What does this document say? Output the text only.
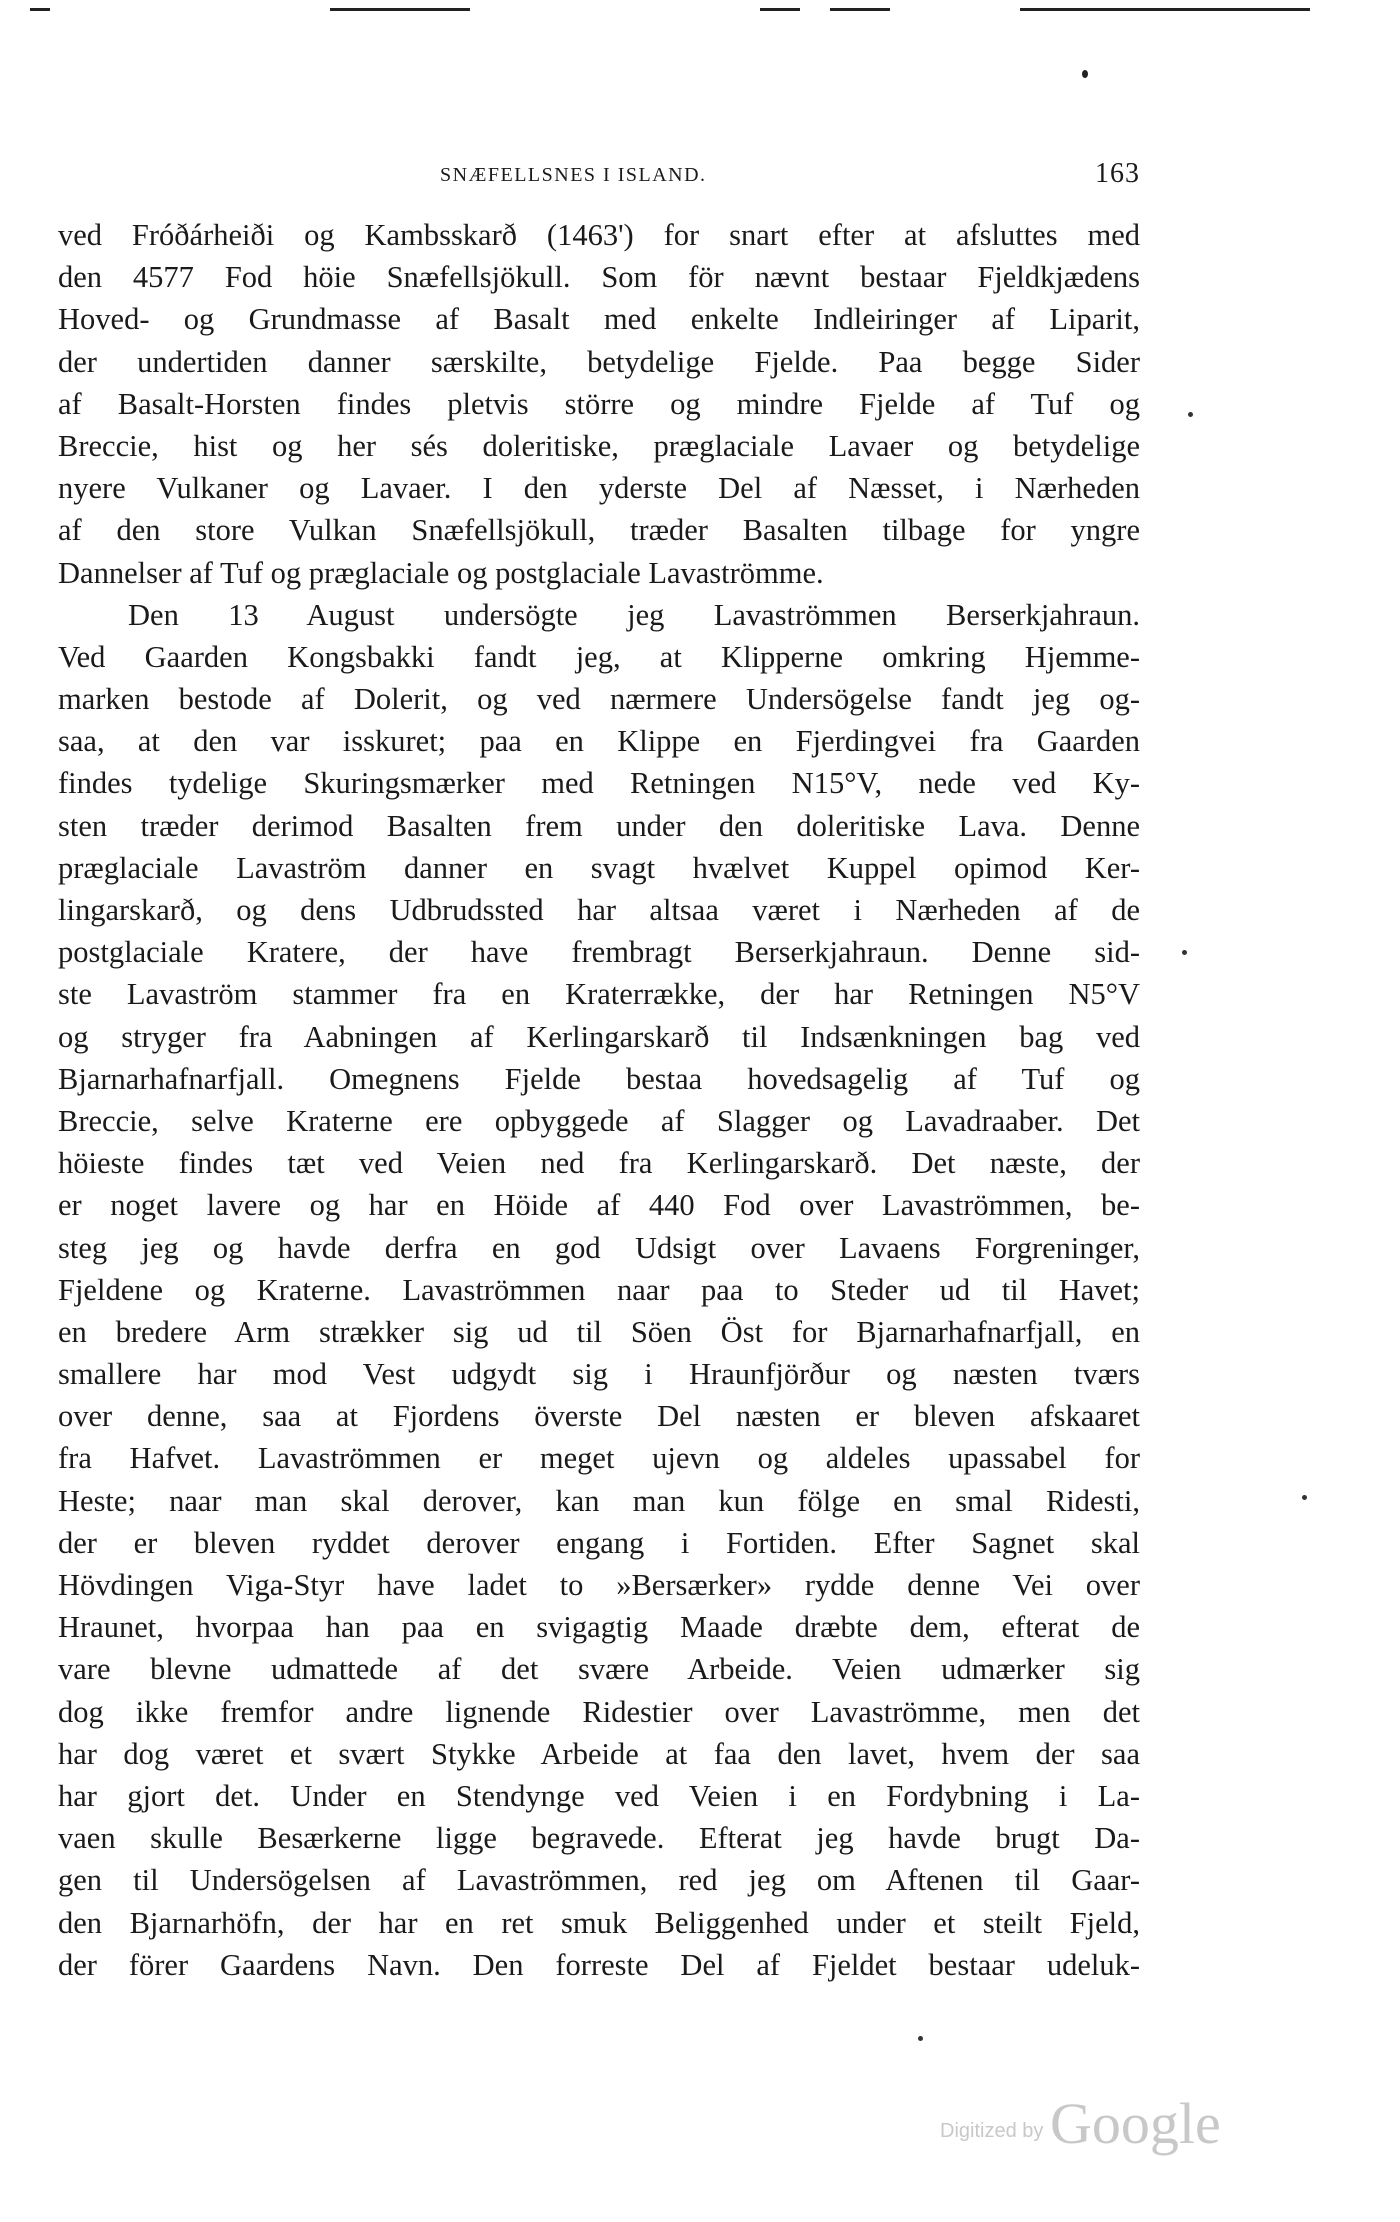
SNÆFELLSNES I ISLAND.	163
ved Fróðárheiði og Kambsskarð (1463') for snart efter at afsluttes med
den 4577 Fod höie Snæfellsjökull. Som för nævnt bestaar Fjeldkjædens
Hoved- og Grundmasse af Basalt med enkelte Indleiringer af Liparit,
der undertiden danner særskilte, betydelige Fjelde. Paa begge Sider
af Basalt-Horsten findes pletvis större og mindre Fjelde af Tuf og
Breccie, hist og her sés doleritiske, præglaciale Lavaer og betydelige
nyere Vulkaner og Lavaer. I den yderste Del af Næsset, i Nærheden
af den store Vulkan Snæfellsjökull, træder Basalten tilbage for yngre
Dannelser af Tuf og præglaciale og postglaciale Lavaströmme.
Den 13 August undersögte jeg Lavaströmmen Berserkjahraun.
Ved Gaarden Kongsbakki fandt jeg, at Klipperne omkring Hjemme-
marken bestode af Dolerit, og ved nærmere Undersögelse fandt jeg og-
saa, at den var isskuret; paa en Klippe en Fjerdingvei fra Gaarden
findes tydelige Skuringsmærker med Retningen N15°V, nede ved Ky-
sten træder derimod Basalten frem under den doleritiske Lava. Denne
præglaciale Lavaström danner en svagt hvælvet Kuppel opimod Ker-
lingarskarð, og dens Udbrudssted har altsaa været i Nærheden af de
postglaciale Kratere, der have frembragt Berserkjahraun. Denne sid-
ste Lavaström stammer fra en Kraterrække, der har Retningen N5°V
og stryger fra Aabningen af Kerlingarskarð til Indsænkningen bag ved
Bjarnarhafnarfjall. Omegnens Fjelde bestaa hovedsagelig af Tuf og
Breccie, selve Kraterne ere opbyggede af Slagger og Lavadraaber. Det
höieste findes tæt ved Veien ned fra Kerlingarskarð. Det næste, der
er noget lavere og har en Höide af 440 Fod over Lavaströmmen, be-
steg jeg og havde derfra en god Udsigt over Lavaens Forgreninger,
Fjeldene og Kraterne. Lavaströmmen naar paa to Steder ud til Havet;
en bredere Arm strækker sig ud til Söen Öst for Bjarnarhafnarfjall, en
smallere har mod Vest udgydt sig i Hraunfjörður og næsten tværs
over denne, saa at Fjordens överste Del næsten er bleven afskaaret
fra Hafvet. Lavaströmmen er meget ujevn og aldeles upassabel for
Heste; naar man skal derover, kan man kun fölge en smal Ridesti,
der er bleven ryddet derover engang i Fortiden. Efter Sagnet skal
Hövdingen Viga-Styr have ladet to »Bersærker» rydde denne Vei over
Hraunet, hvorpaa han paa en svigagtig Maade dræbte dem, efterat de
vare blevne udmattede af det svære Arbeide. Veien udmærker sig
dog ikke fremfor andre lignende Ridestier over Lavaströmme, men det
har dog været et svært Stykke Arbeide at faa den lavet, hvem der saa
har gjort det. Under en Stendynge ved Veien i en Fordybning i La-
vaen skulle Besærkerne ligge begravede. Efterat jeg havde brugt Da-
gen til Undersögelsen af Lavaströmmen, red jeg om Aftenen til Gaar-
den Bjarnarhöfn, der har en ret smuk Beliggenhed under et steilt Fjeld,
der förer Gaardens Navn. Den forreste Del af Fjeldet bestaar udeluk-
Digitized by Google
